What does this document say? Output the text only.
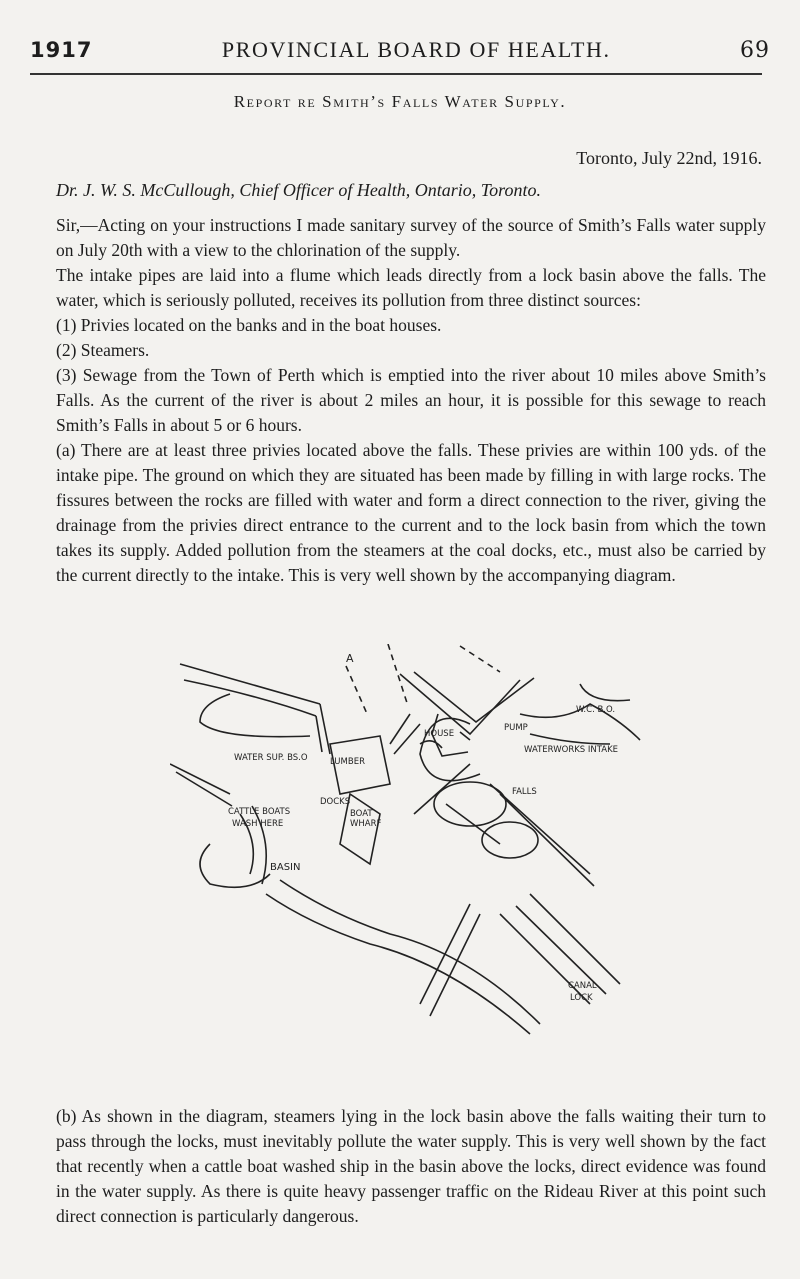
1917	PROVINCIAL BOARD OF HEALTH.	69
Report re Smith’s Falls Water Supply.
Toronto, July 22nd, 1916.
Dr. J. W. S. McCullough, Chief Officer of Health, Ontario, Toronto.

Sir,—Acting on your instructions I made sanitary survey of the source of Smith’s Falls water supply on July 20th with a view to the chlorination of the supply.

The intake pipes are laid into a flume which leads directly from a lock basin above the falls. The water, which is seriously polluted, receives its pollution from three distinct sources:

(1) Privies located on the banks and in the boat houses.

(2) Steamers.

(3) Sewage from the Town of Perth which is emptied into the river about 10 miles above Smith’s Falls. As the current of the river is about 2 miles an hour, it is possible for this sewage to reach Smith’s Falls in about 5 or 6 hours.

(a) There are at least three privies located above the falls. These privies are within 100 yds. of the intake pipe. The ground on which they are situated has been made by filling in with large rocks. The fissures between the rocks are filled with water and form a direct connection to the river, giving the drainage from the privies direct entrance to the current and to the lock basin from which the town takes its supply. Added pollution from the steamers at the coal docks, etc., must also be carried by the current directly to the intake. This is very well shown by the accompanying diagram.

A
WATER SUP. BS.O	LUMBER
DOCKS
CATTLE BOATS
WASH HERE
BASIN
BOAT
WHARF
HOUSE
PUMP
WATERWORKS INTAKE
FALLS
W.C. B.O.
CANAL
LOCK

(b) As shown in the diagram, steamers lying in the lock basin above the falls waiting their turn to pass through the locks, must inevitably pollute the water supply. This is very well shown by the fact that recently when a cattle boat washed ship in the basin above the locks, direct evidence was found in the water supply. As there is quite heavy passenger traffic on the Rideau River at this point such direct connection is particularly dangerous.
